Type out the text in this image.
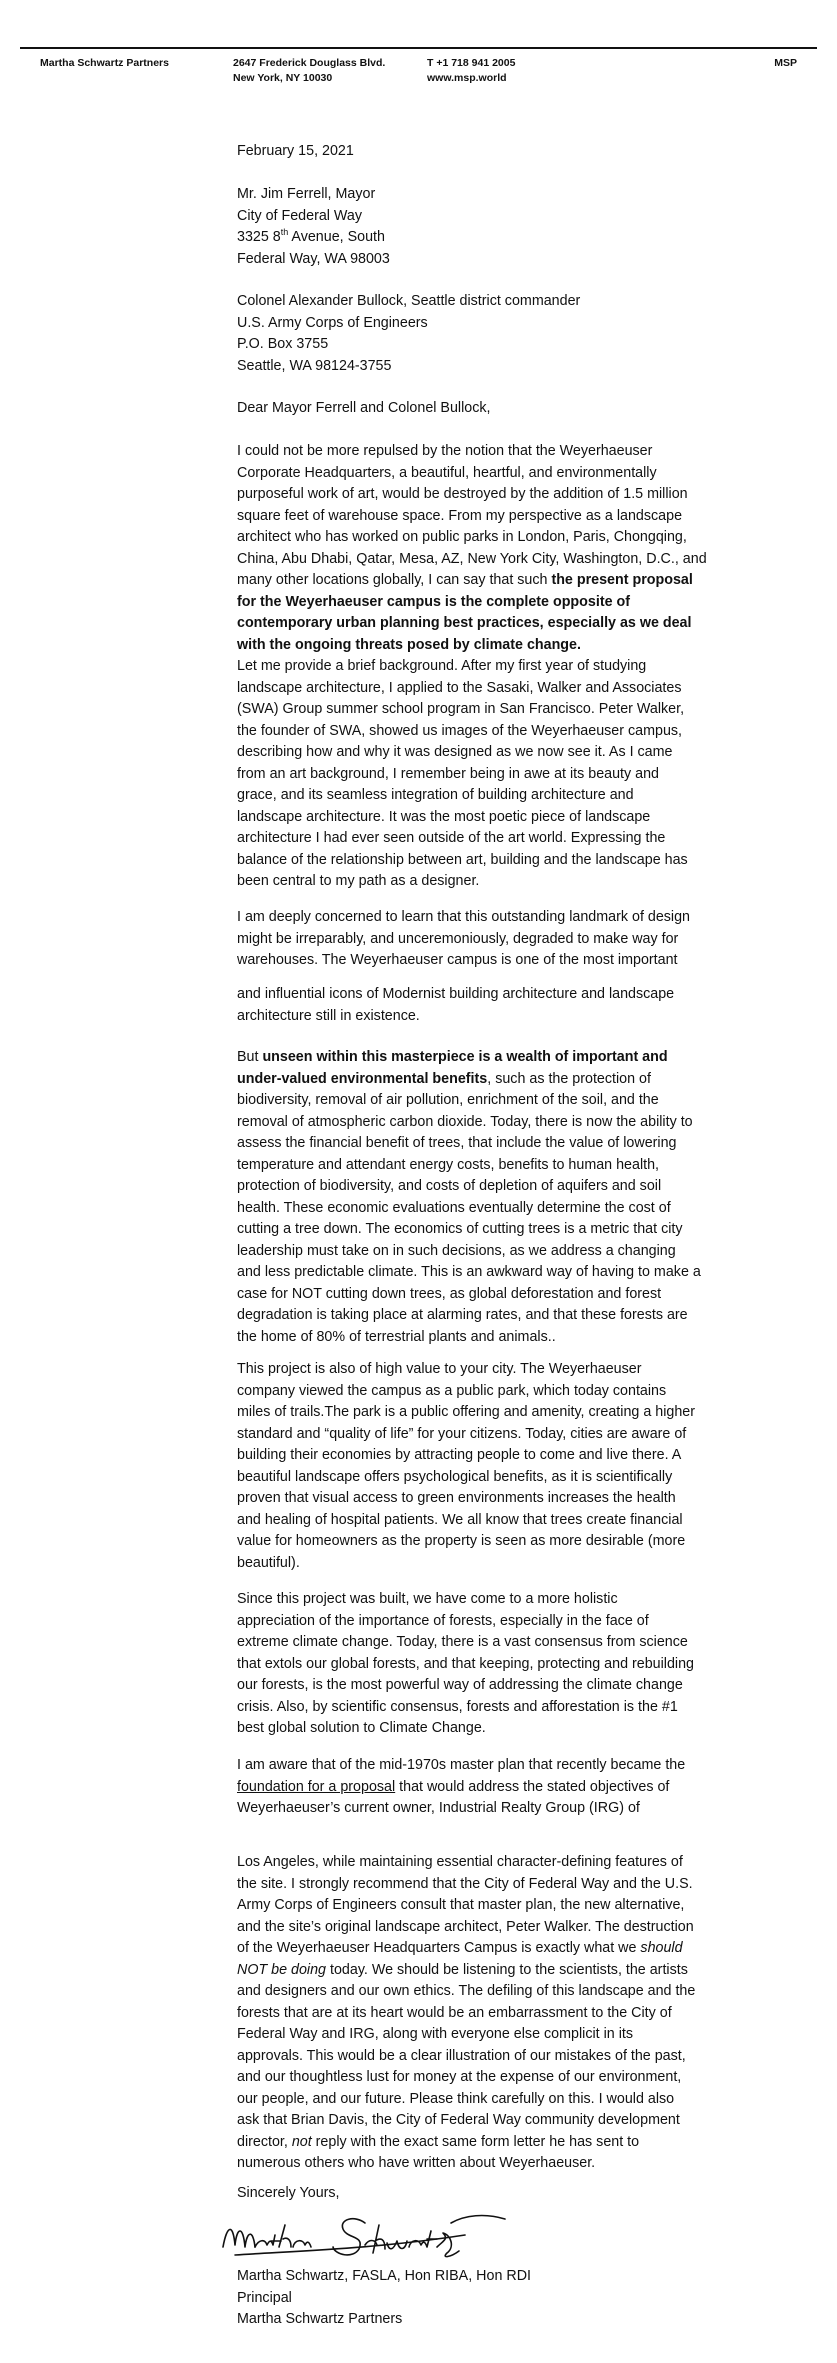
Martha Schwartz Partners	2647 Frederick Douglass Blvd.
New York, NY 10030
T +1 718 941 2005
www.msp.world
MSP
February 15, 2021
Mr. Jim Ferrell, Mayor
City of Federal Way
3325 8th Avenue, South
Federal Way, WA 98003
Colonel Alexander Bullock, Seattle district commander
U.S. Army Corps of Engineers
P.O. Box 3755
Seattle, WA 98124-3755
Dear Mayor Ferrell and Colonel Bullock,
I could not be more repulsed by the notion that the Weyerhaeuser
Corporate Headquarters, a beautiful, heartful, and environmentally
purposeful work of art, would be destroyed by the addition of 1.5 million
square feet of warehouse space. From my perspective as a landscape
architect who has worked on public parks in London, Paris, Chongqing,
China, Abu Dhabi, Qatar, Mesa, AZ, New York City, Washington, D.C., and
many other locations globally, I can say that such the present proposal
for the Weyerhaeuser campus is the complete opposite of
contemporary urban planning best practices, especially as we deal
with the ongoing threats posed by climate change.
Let me provide a brief background. After my first year of studying
landscape architecture, I applied to the Sasaki, Walker and Associates
(SWA) Group summer school program in San Francisco. Peter Walker,
the founder of SWA, showed us images of the Weyerhaeuser campus,
describing how and why it was designed as we now see it. As I came
from an art background, I remember being in awe at its beauty and
grace, and its seamless integration of building architecture and
landscape architecture. It was the most poetic piece of landscape
architecture I had ever seen outside of the art world. Expressing the
balance of the relationship between art, building and the landscape has
been central to my path as a designer.
I am deeply concerned to learn that this outstanding landmark of design
might be irreparably, and unceremoniously, degraded to make way for
warehouses. The Weyerhaeuser campus is one of the most important
and influential icons of Modernist building architecture and landscape
architecture still in existence.
But unseen within this masterpiece is a wealth of important and
under-valued environmental benefits, such as the protection of
biodiversity, removal of air pollution, enrichment of the soil, and the
removal of atmospheric carbon dioxide. Today, there is now the ability to
assess the financial benefit of trees, that include the value of lowering
temperature and attendant energy costs, benefits to human health,
protection of biodiversity, and costs of depletion of aquifers and soil
health. These economic evaluations eventually determine the cost of
cutting a tree down. The economics of cutting trees is a metric that city
leadership must take on in such decisions, as we address a changing
and less predictable climate. This is an awkward way of having to make a
case for NOT cutting down trees, as global deforestation and forest
degradation is taking place at alarming rates, and that these forests are
the home of 80% of terrestrial plants and animals..
This project is also of high value to your city. The Weyerhaeuser
company viewed the campus as a public park, which today contains
miles of trails.The park is a public offering and amenity, creating a higher
standard and “quality of life” for your citizens. Today, cities are aware of
building their economies by attracting people to come and live there. A
beautiful landscape offers psychological benefits, as it is scientifically
proven that visual access to green environments increases the health
and healing of hospital patients. We all know that trees create financial
value for homeowners as the property is seen as more desirable (more
beautiful).
Since this project was built, we have come to a more holistic
appreciation of the importance of forests, especially in the face of
extreme climate change. Today, there is a vast consensus from science
that extols our global forests, and that keeping, protecting and rebuilding
our forests, is the most powerful way of addressing the climate change
crisis. Also, by scientific consensus, forests and afforestation is the #1
best global solution to Climate Change.
I am aware that of the mid-1970s master plan that recently became the
foundation for a proposal that would address the stated objectives of
Weyerhaeuser’s current owner, Industrial Realty Group (IRG) of
Los Angeles, while maintaining essential character-defining features of
the site. I strongly recommend that the City of Federal Way and the U.S.
Army Corps of Engineers consult that master plan, the new alternative,
and the site’s original landscape architect, Peter Walker. The destruction
of the Weyerhaeuser Headquarters Campus is exactly what we should
NOT be doing today. We should be listening to the scientists, the artists
and designers and our own ethics. The defiling of this landscape and the
forests that are at its heart would be an embarrassment to the City of
Federal Way and IRG, along with everyone else complicit in its
approvals. This would be a clear illustration of our mistakes of the past,
and our thoughtless lust for money at the expense of our environment,
our people, and our future. Please think carefully on this. I would also
ask that Brian Davis, the City of Federal Way community development
director, not reply with the exact same form letter he has sent to
numerous others who have written about Weyerhaeuser.
Sincerely Yours,
Martha Schwartz, FASLA, Hon RIBA, Hon RDI
Principal
Martha Schwartz Partners
